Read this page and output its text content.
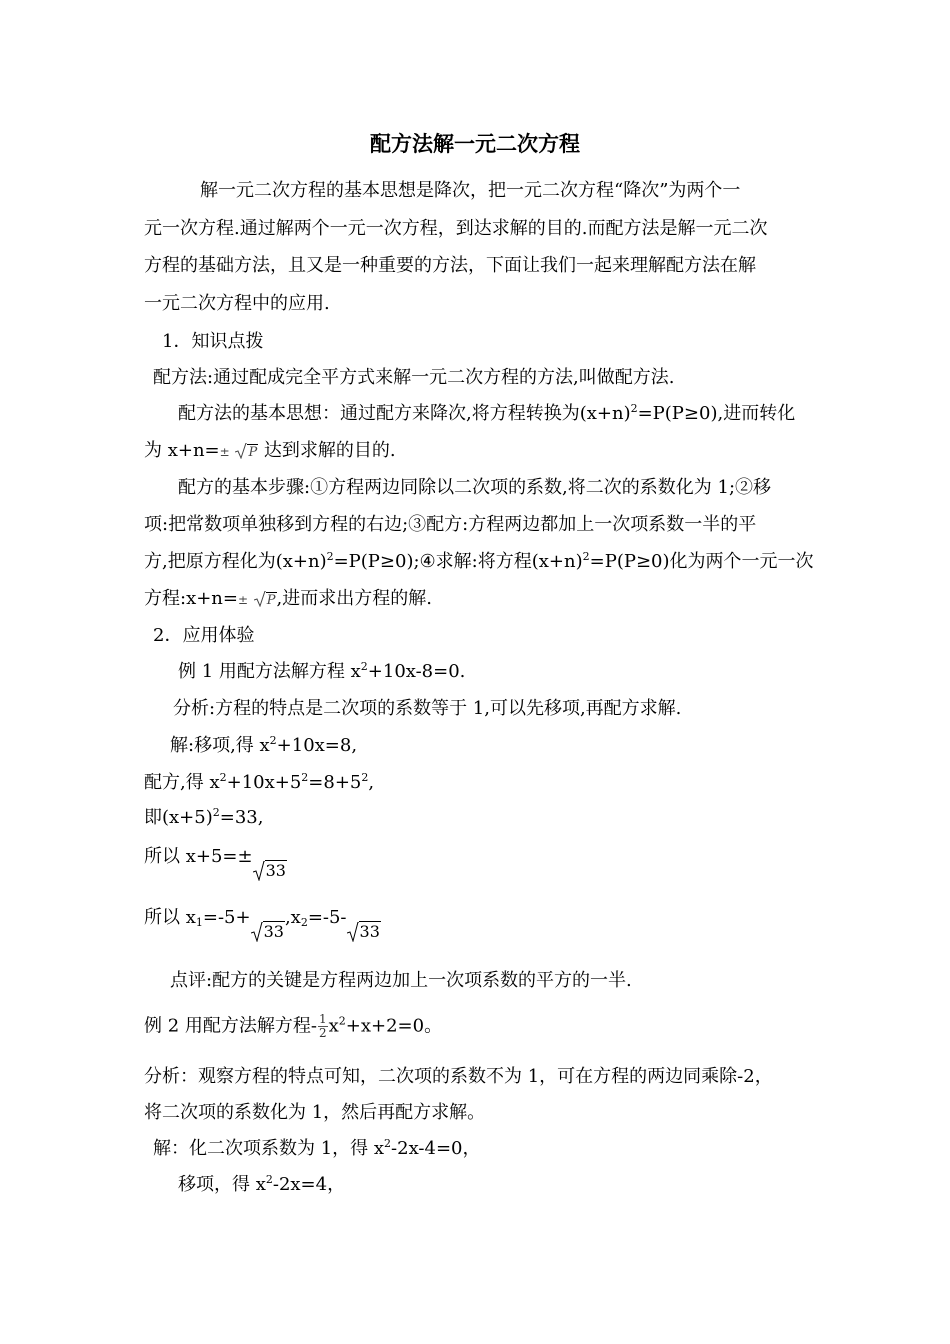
配方法解一元二次方程
解一元二次方程的基本思想是降次，把一元二次方程“降次”为两个一
元一次方程.通过解两个一元一次方程，到达求解的目的.而配方法是解一元二次
方程的基础方法，且又是一种重要的方法，下面让我们一起来理解配方法在解
一元二次方程中的应用.
1．知识点拨
配方法:通过配成完全平方式来解一元二次方程的方法,叫做配方法.
配方法的基本思想：通过配方来降次,将方程转换为$(x+n)^2=P(P\ge 0)$,进而转化
为 x+n=± P 达到求解的目的.
配方的基本步骤:①方程两边同除以二次项的系数,将二次的系数化为 1;②移
项:把常数项单独移到方程的右边;③配方:方程两边都加上一次项系数一半的平
方,把原方程化为$(x+n)^2=P(P\ge 0);④$求解:将方程$(x+n)^2=P(P\ge 0)$化为两个一元一次
方程:x+n=± P,进而求出方程的解.
2．应用体验
例 1 用配方法解方程 $x^2+10x-8=0$.
分析:方程的特点是二次项的系数等于 1,可以先移项,再配方求解.
解:移项,得 $x^2+10x=8$,
配方,得 $x^2+10x+5^2=8+5^2$,
即$(x+5)^2=33$,
所以 x+5=±
33
所以 $x_1=-5+$
$33,x_2=-5-$
33
点评:配方的关键是方程两边加上一次项系数的平方的一半.
例 2 用配方法解方程- $\frac{1}{2} x^2+x+2=0$。
分析：观察方程的特点可知，二次项的系数不为 1，可在方程的两边同乘除-2，
将二次项的系数化为 1，然后再配方求解。
解：化二次项系数为 1，得 $x^2-2x-4=0$，
移项，得 $x^2-2x=4$，
